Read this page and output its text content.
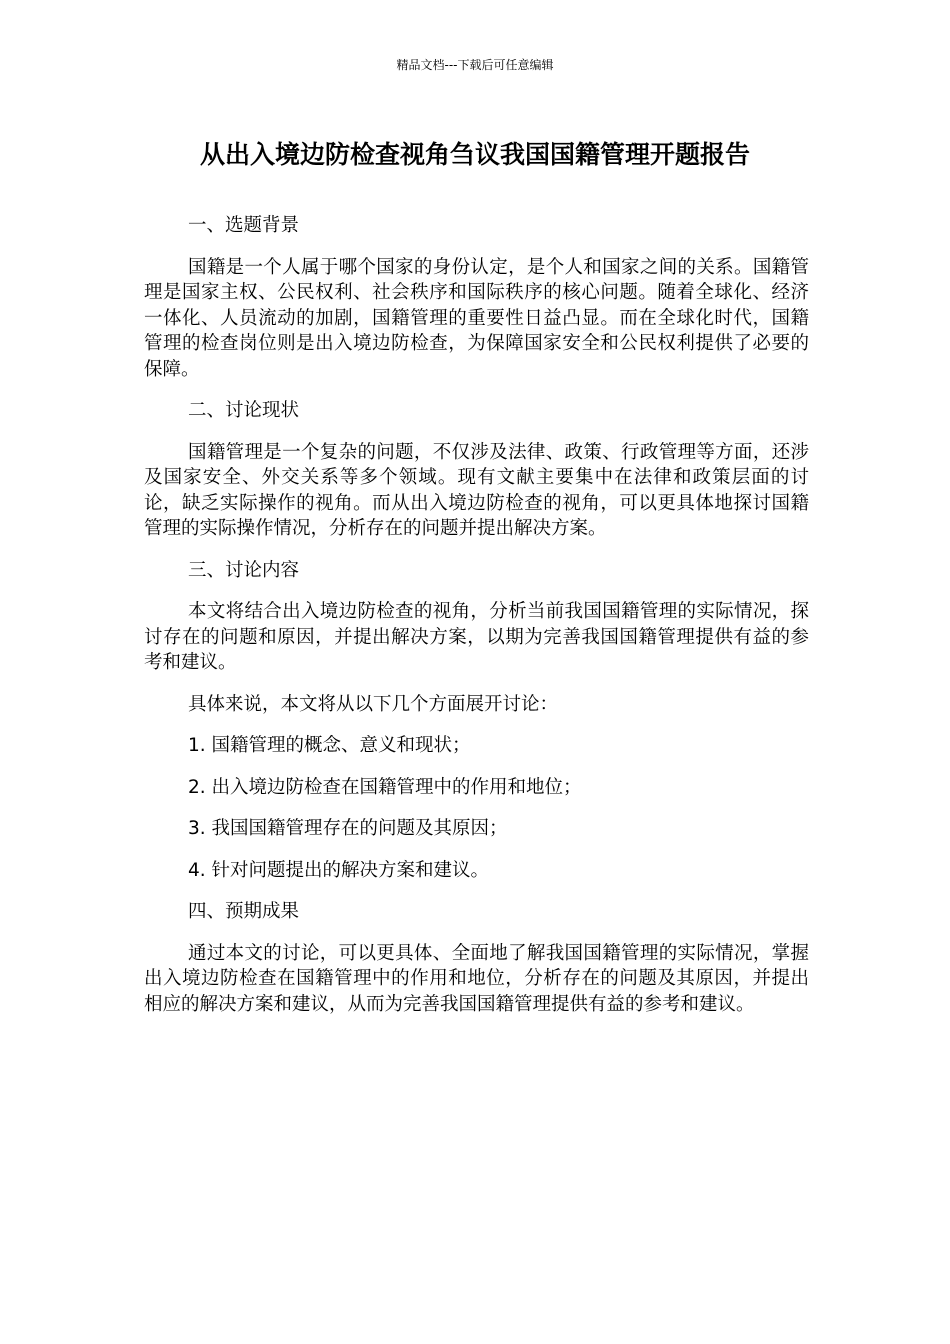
精品文档---下载后可任意编辑
从出入境边防检查视角刍议我国国籍管理开题报告

一、选题背景

国籍是一个人属于哪个国家的身份认定，是个人和国家之间的关系。国籍管理是国家主权、公民权利、社会秩序和国际秩序的核心问题。随着全球化、经济一体化、人员流动的加剧，国籍管理的重要性日益凸显。而在全球化时代，国籍管理的检查岗位则是出入境边防检查，为保障国家安全和公民权利提供了必要的保障。

二、讨论现状

国籍管理是一个复杂的问题，不仅涉及法律、政策、行政管理等方面，还涉及国家安全、外交关系等多个领域。现有文献主要集中在法律和政策层面的讨论，缺乏实际操作的视角。而从出入境边防检查的视角，可以更具体地探讨国籍管理的实际操作情况，分析存在的问题并提出解决方案。

三、讨论内容

本文将结合出入境边防检查的视角，分析当前我国国籍管理的实际情况，探讨存在的问题和原因，并提出解决方案，以期为完善我国国籍管理提供有益的参考和建议。

具体来说，本文将从以下几个方面展开讨论：

1. 国籍管理的概念、意义和现状；

2. 出入境边防检查在国籍管理中的作用和地位；

3. 我国国籍管理存在的问题及其原因；

4. 针对问题提出的解决方案和建议。

四、预期成果

通过本文的讨论，可以更具体、全面地了解我国国籍管理的实际情况，掌握出入境边防检查在国籍管理中的作用和地位，分析存在的问题及其原因，并提出相应的解决方案和建议，从而为完善我国国籍管理提供有益的参考和建议。
